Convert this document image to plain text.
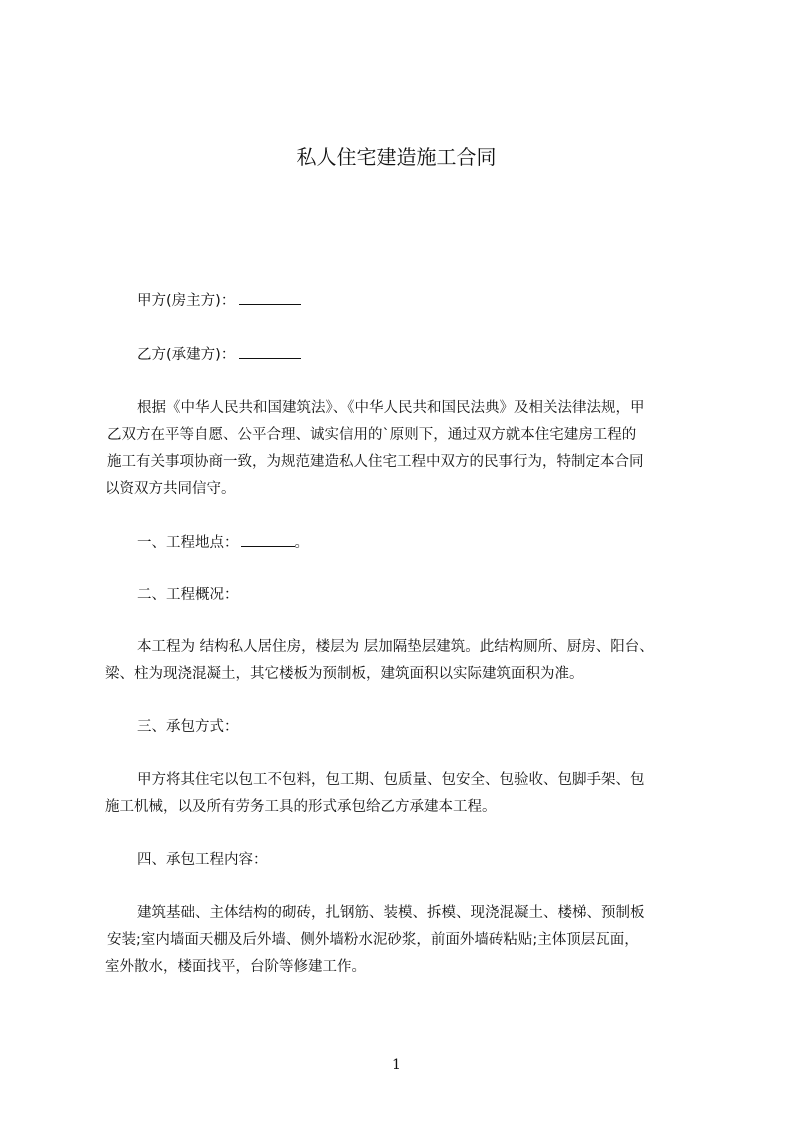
私人住宅建造施工合同
甲方(房主方)：
乙方(承建方)：
根据《中华人民共和国建筑法》、《中华人民共和国民法典》及相关法律法规，甲
乙双方在平等自愿、公平合理、诚实信用的`原则下，通过双方就本住宅建房工程的
施工有关事项协商一致，为规范建造私人住宅工程中双方的民事行为，特制定本合同
以资双方共同信守。
一、工程地点：	。
二、工程概况：
本工程为 结构私人居住房，楼层为 层加隔垫层建筑。此结构厕所、厨房、阳台、
梁、柱为现浇混凝土，其它楼板为预制板，建筑面积以实际建筑面积为准。
三、承包方式：
甲方将其住宅以包工不包料，包工期、包质量、包安全、包验收、包脚手架、包
施工机械，以及所有劳务工具的形式承包给乙方承建本工程。
四、承包工程内容：
建筑基础、主体结构的砌砖，扎钢筋、装模、拆模、现浇混凝土、楼梯、预制板
安装;室内墙面天棚及后外墙、侧外墙粉水泥砂浆，前面外墙砖粘贴;主体顶层瓦面，
室外散水，楼面找平，台阶等修建工作。
1
